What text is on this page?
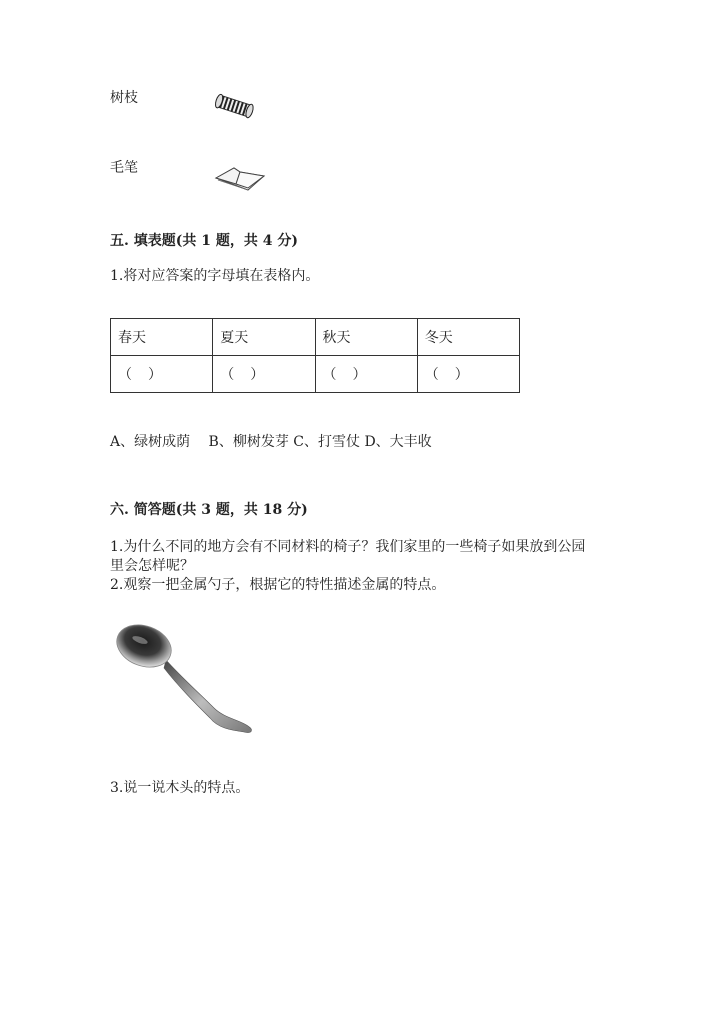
树枝
毛笔
五. 填表题(共 1 题，共 4 分)
1.将对应答案的字母填在表格内。
春天	夏天	秋天	冬天
（ ）	（ ）	（ ）	（ ）
A、绿树成荫　 B、柳树发芽 C、打雪仗 D、大丰收
六. 简答题(共 3 题，共 18 分)
1.为什么不同的地方会有不同材料的椅子？我们家里的一些椅子如果放到公园
里会怎样呢？
2.观察一把金属勺子，根据它的特性描述金属的特点。
3.说一说木头的特点。
